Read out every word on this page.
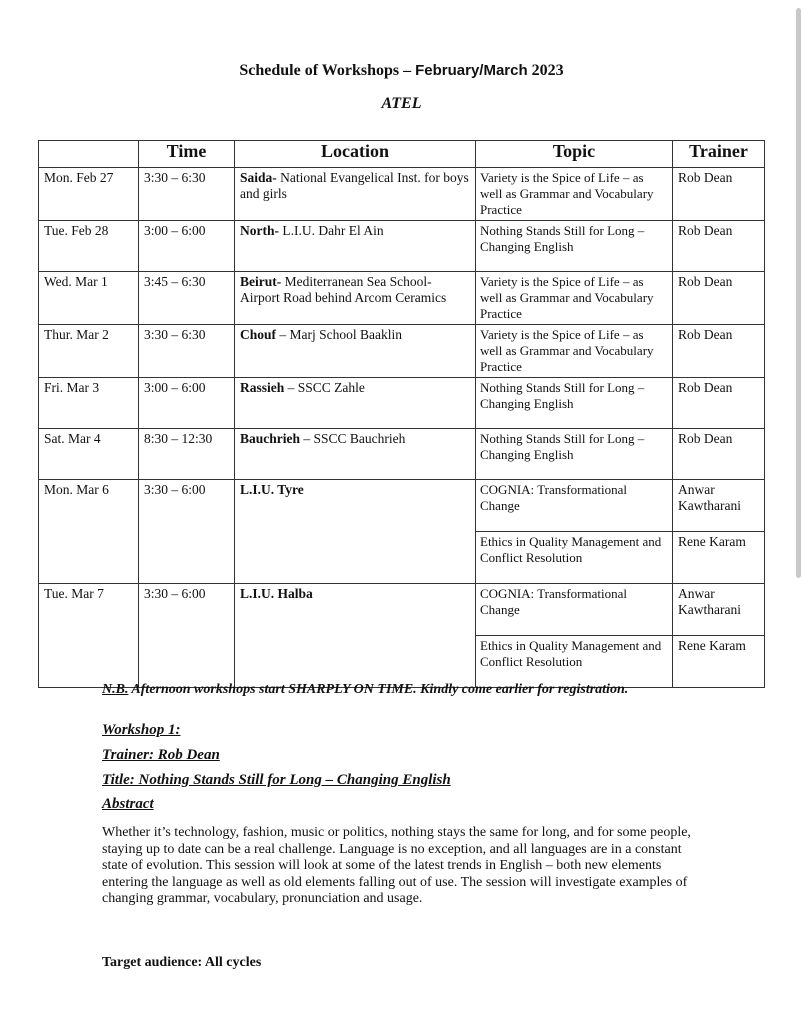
Schedule of Workshops – February/March 2023
ATEL
	Time	Location	Topic	Trainer
Mon. Feb 27	3:30 – 6:30	Saida- National Evangelical Inst. for boys and girls	Variety is the Spice of Life – as well as Grammar and Vocabulary Practice	Rob Dean
Tue. Feb 28	3:00 – 6:00	North- L.I.U. Dahr El Ain	Nothing Stands Still for Long – Changing English	Rob Dean
Wed. Mar 1	3:45 – 6:30	Beirut- Mediterranean Sea School- Airport Road behind Arcom Ceramics	Variety is the Spice of Life – as well as Grammar and Vocabulary Practice	Rob Dean
Thur. Mar 2	3:30 – 6:30	Chouf – Marj School Baaklin	Variety is the Spice of Life – as well as Grammar and Vocabulary Practice	Rob Dean
Fri. Mar 3	3:00 – 6:00	Rassieh – SSCC Zahle	Nothing Stands Still for Long – Changing English	Rob Dean
Sat. Mar 4	8:30 – 12:30	Bauchrieh – SSCC Bauchrieh	Nothing Stands Still for Long – Changing English	Rob Dean
Mon. Mar 6	3:30 – 6:00	L.I.U. Tyre	COGNIA: Transformational Change	Anwar Kawtharani
			Ethics in Quality Management and Conflict Resolution	Rene Karam
Tue. Mar 7	3:30 – 6:00	L.I.U. Halba	COGNIA: Transformational Change	Anwar Kawtharani
			Ethics in Quality Management and Conflict Resolution	Rene Karam
N.B. Afternoon workshops start SHARPLY ON TIME. Kindly come earlier for registration.
Workshop 1:
Trainer: Rob Dean
Title: Nothing Stands Still for Long – Changing English
Abstract
Whether it’s technology, fashion, music or politics, nothing stays the same for long, and for some people, staying up to date can be a real challenge. Language is no exception, and all languages are in a constant state of evolution. This session will look at some of the latest trends in English – both new elements entering the language as well as old elements falling out of use. The session will investigate examples of changing grammar, vocabulary, pronunciation and usage.
Target audience: All cycles
